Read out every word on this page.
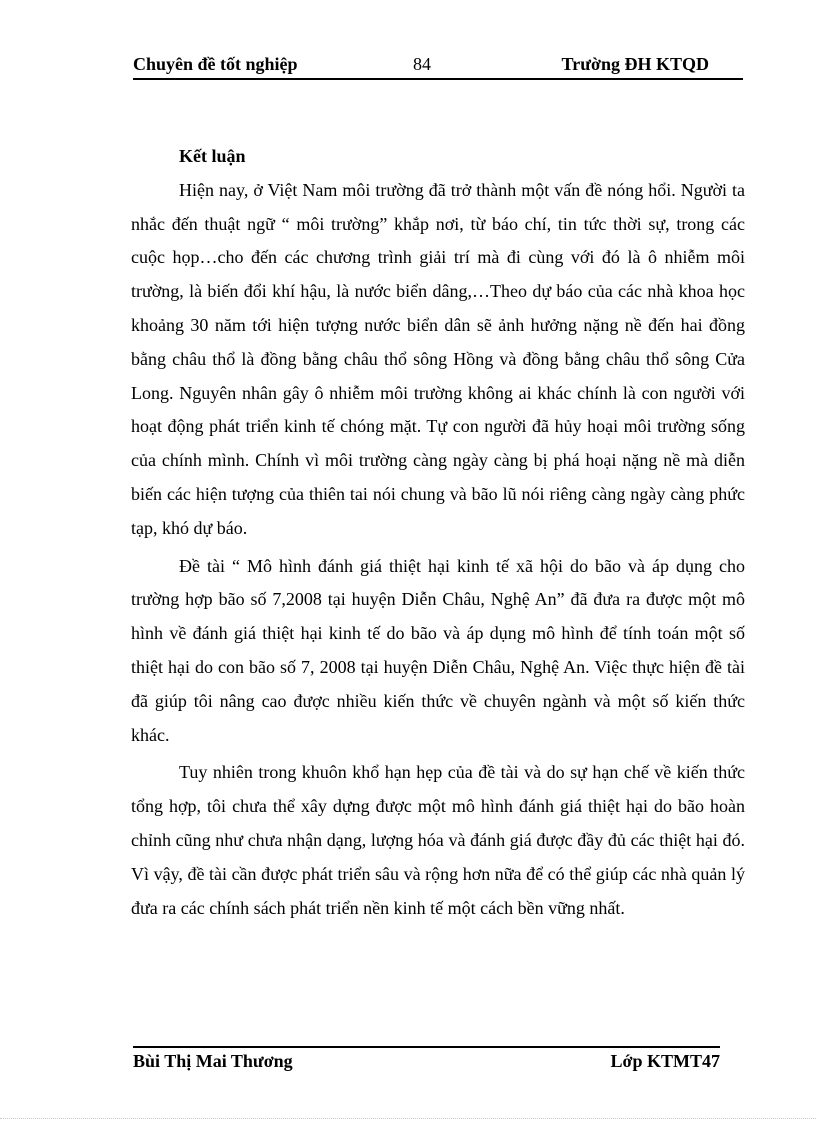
Chuyên đề tốt nghiệp	84	Trường ĐH KTQD
Kết luận

Hiện nay, ở Việt Nam môi trường đã trở thành một vấn đề nóng hổi. Người ta nhắc đến thuật ngữ “ môi trường” khắp nơi, từ báo chí, tin tức thời sự, trong các cuộc họp…cho đến các chương trình giải trí mà đi cùng với đó là ô nhiễm môi trường, là biến đổi khí hậu, là nước biển dâng,…Theo dự báo của các nhà khoa học khoảng 30 năm tới hiện tượng nước biển dân sẽ ảnh hưởng nặng nề đến hai đồng bằng châu thổ là đồng bằng châu thổ sông Hồng và đồng bằng châu thổ sông Cửa Long. Nguyên nhân gây ô nhiễm môi trường không ai khác chính là con người với hoạt động phát triển kinh tế chóng mặt. Tự con người đã hủy hoại môi trường sống của chính mình. Chính vì môi trường càng ngày càng bị phá hoại nặng nề mà diễn biến các hiện tượng của thiên tai nói chung và bão lũ nói riêng càng ngày càng phức tạp, khó dự báo.

Đề tài “ Mô hình đánh giá thiệt hại kinh tế xã hội do bão và áp dụng cho trường hợp bão số 7,2008 tại huyện Diễn Châu, Nghệ An” đã đưa ra được một mô hình về đánh giá thiệt hại kinh tế do bão và áp dụng mô hình để tính toán một số thiệt hại do con bão số 7, 2008 tại huyện Diễn Châu, Nghệ An. Việc thực hiện đề tài đã giúp tôi nâng cao được nhiều kiến thức về chuyên ngành và một số kiến thức khác.

Tuy nhiên trong khuôn khổ hạn hẹp của đề tài và do sự hạn chế về kiến thức tổng hợp, tôi chưa thể xây dựng được một mô hình đánh giá thiệt hại do bão hoàn chỉnh cũng như chưa nhận dạng, lượng hóa và đánh giá được đầy đủ các thiệt hại đó. Vì vậy, đề tài cần được phát triển sâu và rộng hơn nữa để có thể giúp các nhà quản lý đưa ra các chính sách phát triển nền kinh tế một cách bền vững nhất.

Bùi Thị Mai Thương	Lớp KTMT47
